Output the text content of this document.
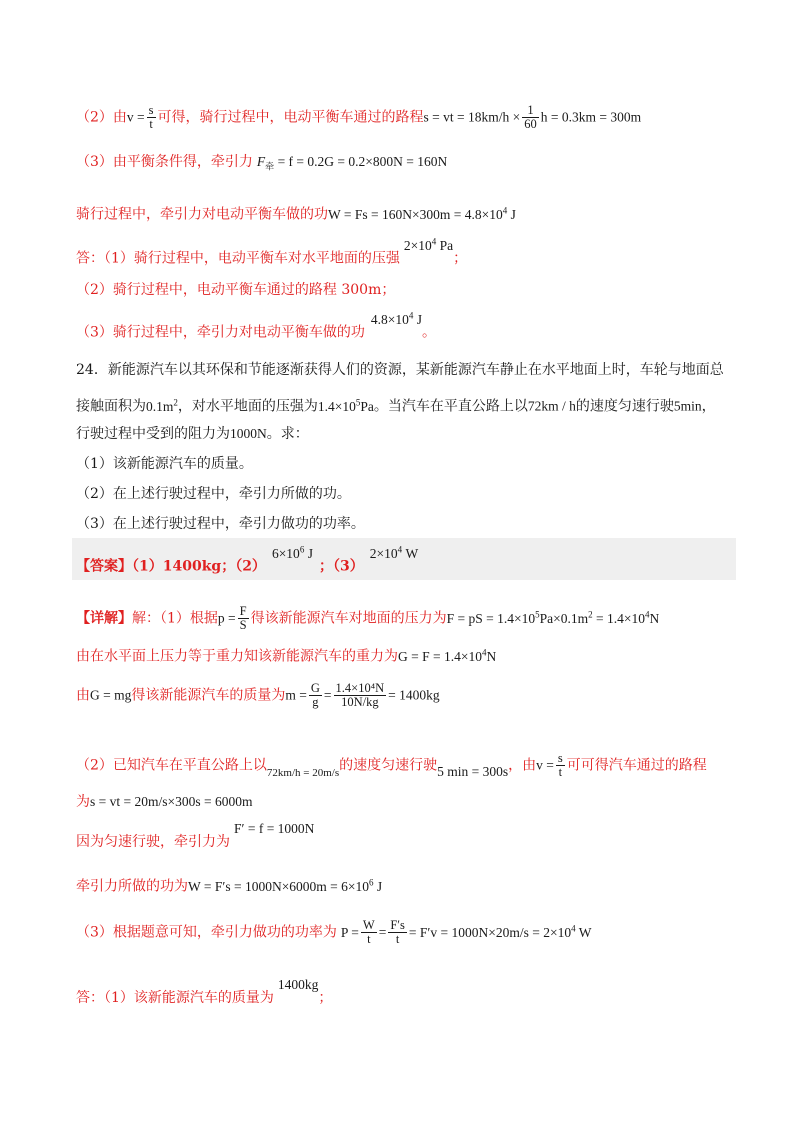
（2）由$v = \frac{s}{t}$ 可得，骑行过程中，电动平衡车通过的路程s = vt = $18km/h \times \frac{1}{60}$ h = 0.3km = 300m
（3）由平衡条件得，牵引力 $F_牵 = f = 0.2G = 0.2\times 800N = 160N$
骑行过程中，牵引力对电动平衡车做的功$W = Fs = 160N\times 300m = 4.8\times 10^4$ J
答：（1）骑行过程中，电动平衡车对水平地面的压强$2\times 10^4$ Pa；
（2）骑行过程中，电动平衡车通过的路程 300m；
（3）骑行过程中，牵引力对电动平衡车做的功$4.8\times 10^4$ J。
24．新能源汽车以其环保和节能逐渐获得人们的资源，某新能源汽车静止在水平地面上时，车轮与地面总
接触面积为$0.1m^2$，对水平地面的压强为$1.4\times 10^5Pa$。当汽车在平直公路上以72km / h的速度匀速行驶5min，
行驶过程中受到的阻力为1000N。求：
（1）该新能源汽车的质量。
（2）在上述行驶过程中，牵引力所做的功。
（3）在上述行驶过程中，牵引力做功的功率。
【答案】（1）1400kg；$(2)6\times 10^6$ J；$(3)2\times 10^4$ W
【详解】解：（1）根据$p = \frac{F}{S}$ 得该新能源汽车对地面的压力为F = pS = $1.4\times 10^5Pa\times 0.1m^2 = 1.4\times 10^4N$
由在水平面上压力等于重力知该新能源汽车的重力为$G = F = 1.4\times 10^4N$
由G = mg得该新能源汽车的质量为$m = \frac{G}{g} = \frac{\text{1.4×10⁴N}}{10N/kg} = 1400kg$
（2）已知汽车在平直公路上以$_{72km/h = 20m/s}$的速度匀速行驶5 min = 300s，由$v = \frac{s}{t}$ 可可得汽车通过的路程
为s = vt = 20m/s×300s = 6000m
因为匀速行驶，牵引力为F′ = f = 1000N
牵引力所做的功为$W = F's = 1000N\times 6000m = 6\times 10^6$ J
（3）根据题意可知，牵引力做功的功率为 $P = \frac{W}{t} = \frac{F's}{t} = F'v = 1000N\times 20m/s = 2\times 10^4$ W
答：（1）该新能源汽车的质量为1400kg；
